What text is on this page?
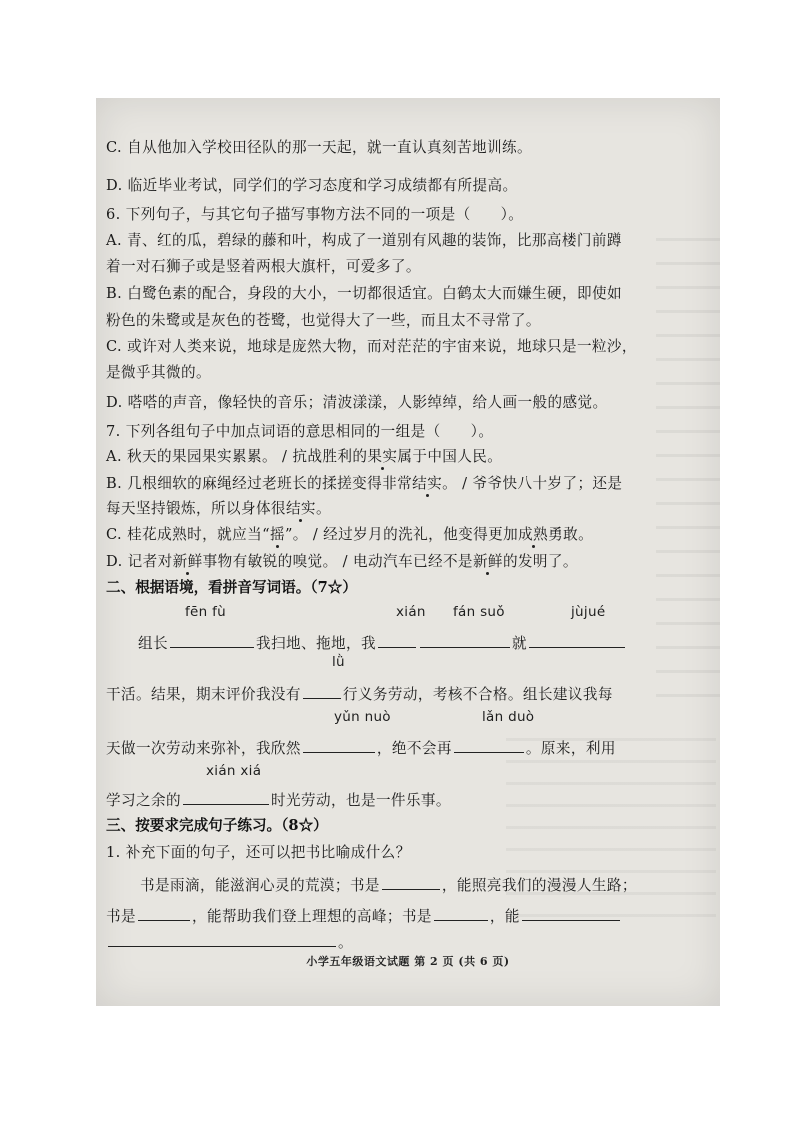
C. 自从他加入学校田径队的那一天起，就一直认真刻苦地训练。
D. 临近毕业考试，同学们的学习态度和学习成绩都有所提高。
6. 下列句子，与其它句子描写事物方法不同的一项是（　　）。
A. 青、红的瓜，碧绿的藤和叶，构成了一道别有风趣的装饰，比那高楼门前蹲
着一对石狮子或是竖着两根大旗杆，可爱多了。
B. 白鹭色素的配合，身段的大小，一切都很适宜。白鹤太大而嫌生硬，即使如
粉色的朱鹭或是灰色的苍鹭，也觉得大了一些，而且太不寻常了。
C. 或许对人类来说，地球是庞然大物，而对茫茫的宇宙来说，地球只是一粒沙，
是微乎其微的。
D. 嗒嗒的声音，像轻快的音乐；清波漾漾，人影绰绰，给人画一般的感觉。
7. 下列各组句子中加点词语的意思相同的一组是（　　）。
A. 秋天的果园果实累累。 / 抗战胜利的果实属于中国人民。
B. 几根细软的麻绳经过老班长的揉搓变得非常结实。 / 爷爷快八十岁了；还是
每天坚持锻炼，所以身体很结实。
C. 桂花成熟时，就应当“摇”。 / 经过岁月的洗礼，他变得更加成熟勇敢。
D. 记者对新鲜事物有敏锐的嗅觉。 / 电动汽车已经不是新鲜的发明了。
二、根据语境，看拼音写词语。（7☆）
fēn fù	xián fán suǒ	jùjué
组长	我扫地、拖地，我	就
lǜ
干活。结果，期末评价我没有	行义务劳动，考核不合格。组长建议我每
yǔn nuò	lǎn duò
天做一次劳动来弥补，我欣然	，绝不会再	。原来，利用
xián xiá
学习之余的	时光劳动，也是一件乐事。
三、按要求完成句子练习。（8☆）
1. 补充下面的句子，还可以把书比喻成什么？
书是雨滴，能滋润心灵的荒漠；书是	，能照亮我们的漫漫人生路；
书是	，能帮助我们登上理想的高峰；书是	，能
。
小学五年级语文试题 第 2 页 (共 6 页)
